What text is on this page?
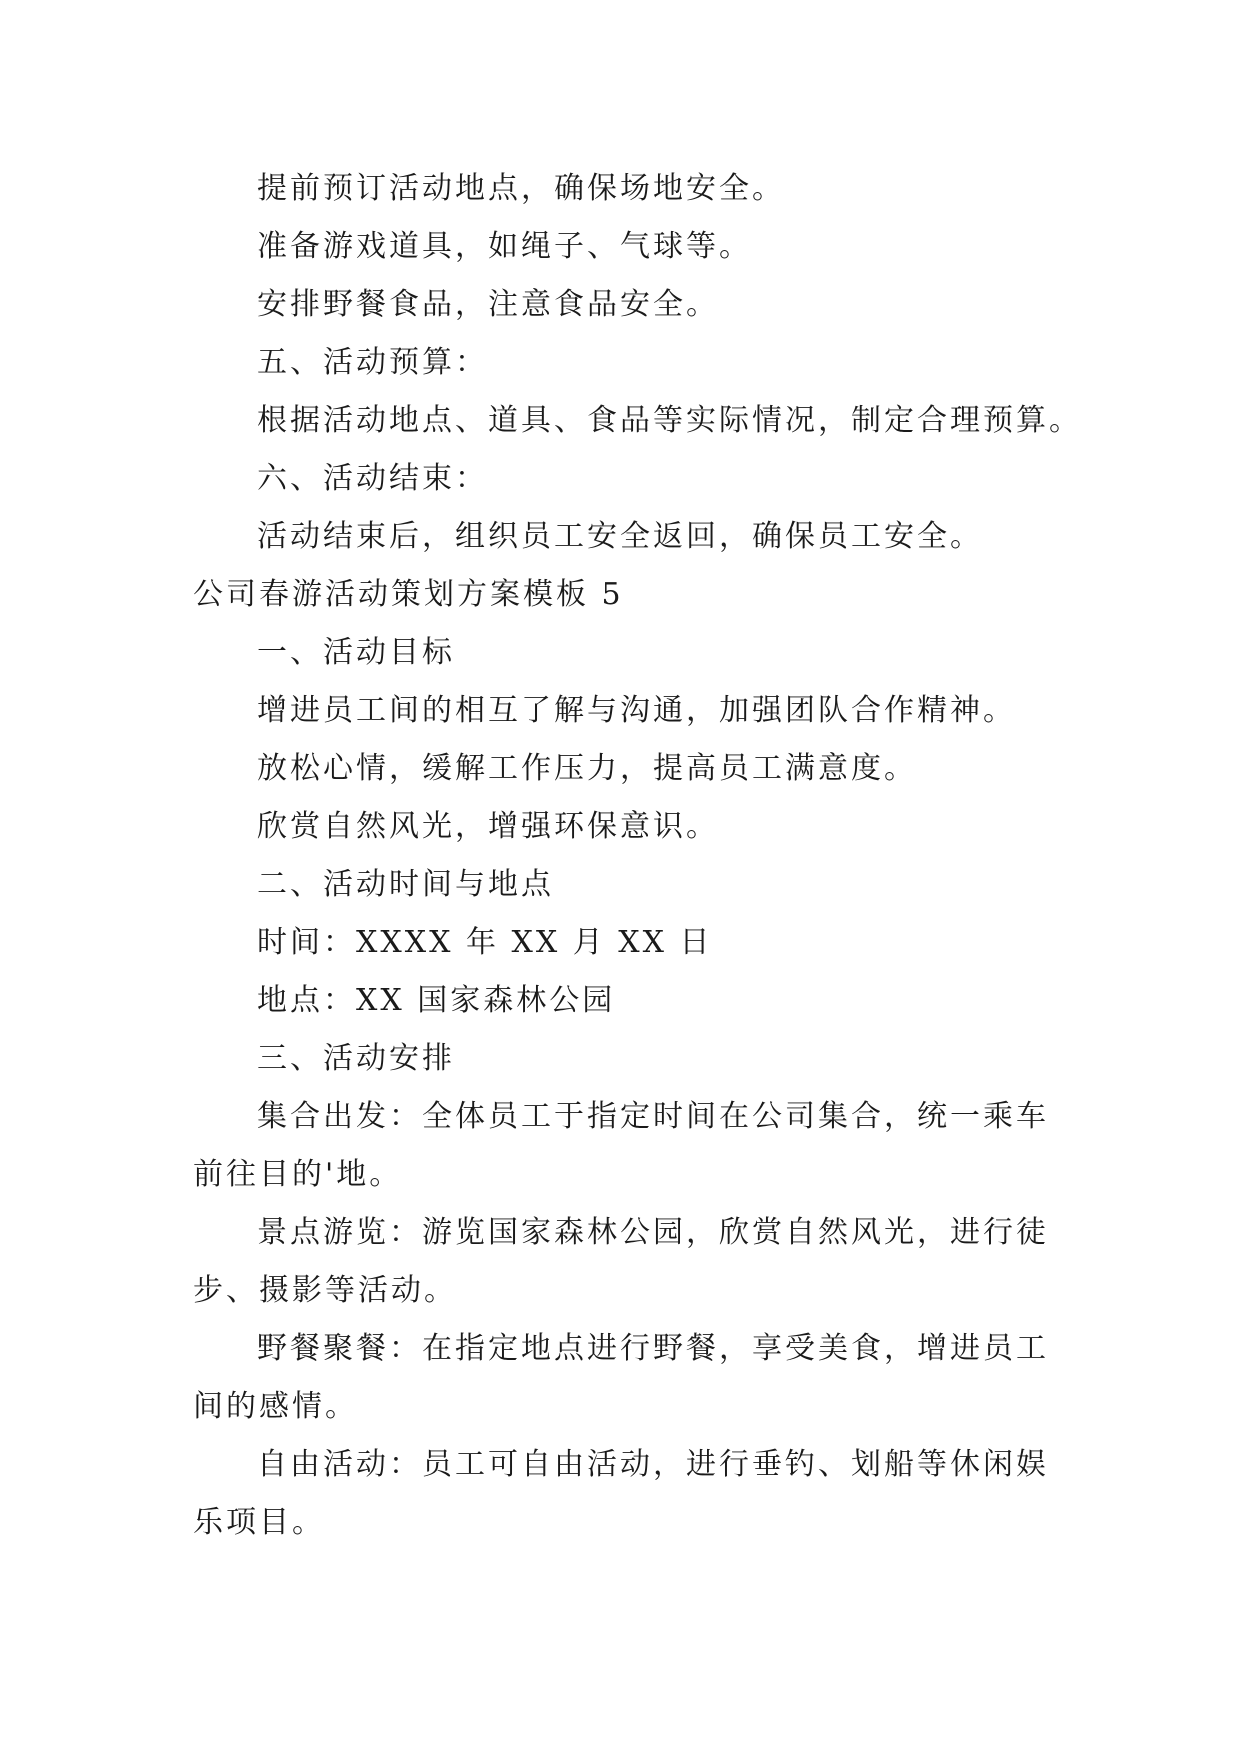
提前预订活动地点，确保场地安全。

准备游戏道具，如绳子、气球等。

安排野餐食品，注意食品安全。

五、活动预算：

根据活动地点、道具、食品等实际情况，制定合理预算。

六、活动结束：

活动结束后，组织员工安全返回，确保员工安全。

公司春游活动策划方案模板 5

一、活动目标

增进员工间的相互了解与沟通，加强团队合作精神。

放松心情，缓解工作压力，提高员工满意度。

欣赏自然风光，增强环保意识。

二、活动时间与地点

时间：XXXX 年 XX 月 XX 日

地点：XX 国家森林公园

三、活动安排

集合出发：全体员工于指定时间在公司集合，统一乘车

前往目的'地。

景点游览：游览国家森林公园，欣赏自然风光，进行徒

步、摄影等活动。

野餐聚餐：在指定地点进行野餐，享受美食，增进员工

间的感情。

自由活动：员工可自由活动，进行垂钓、划船等休闲娱

乐项目。
